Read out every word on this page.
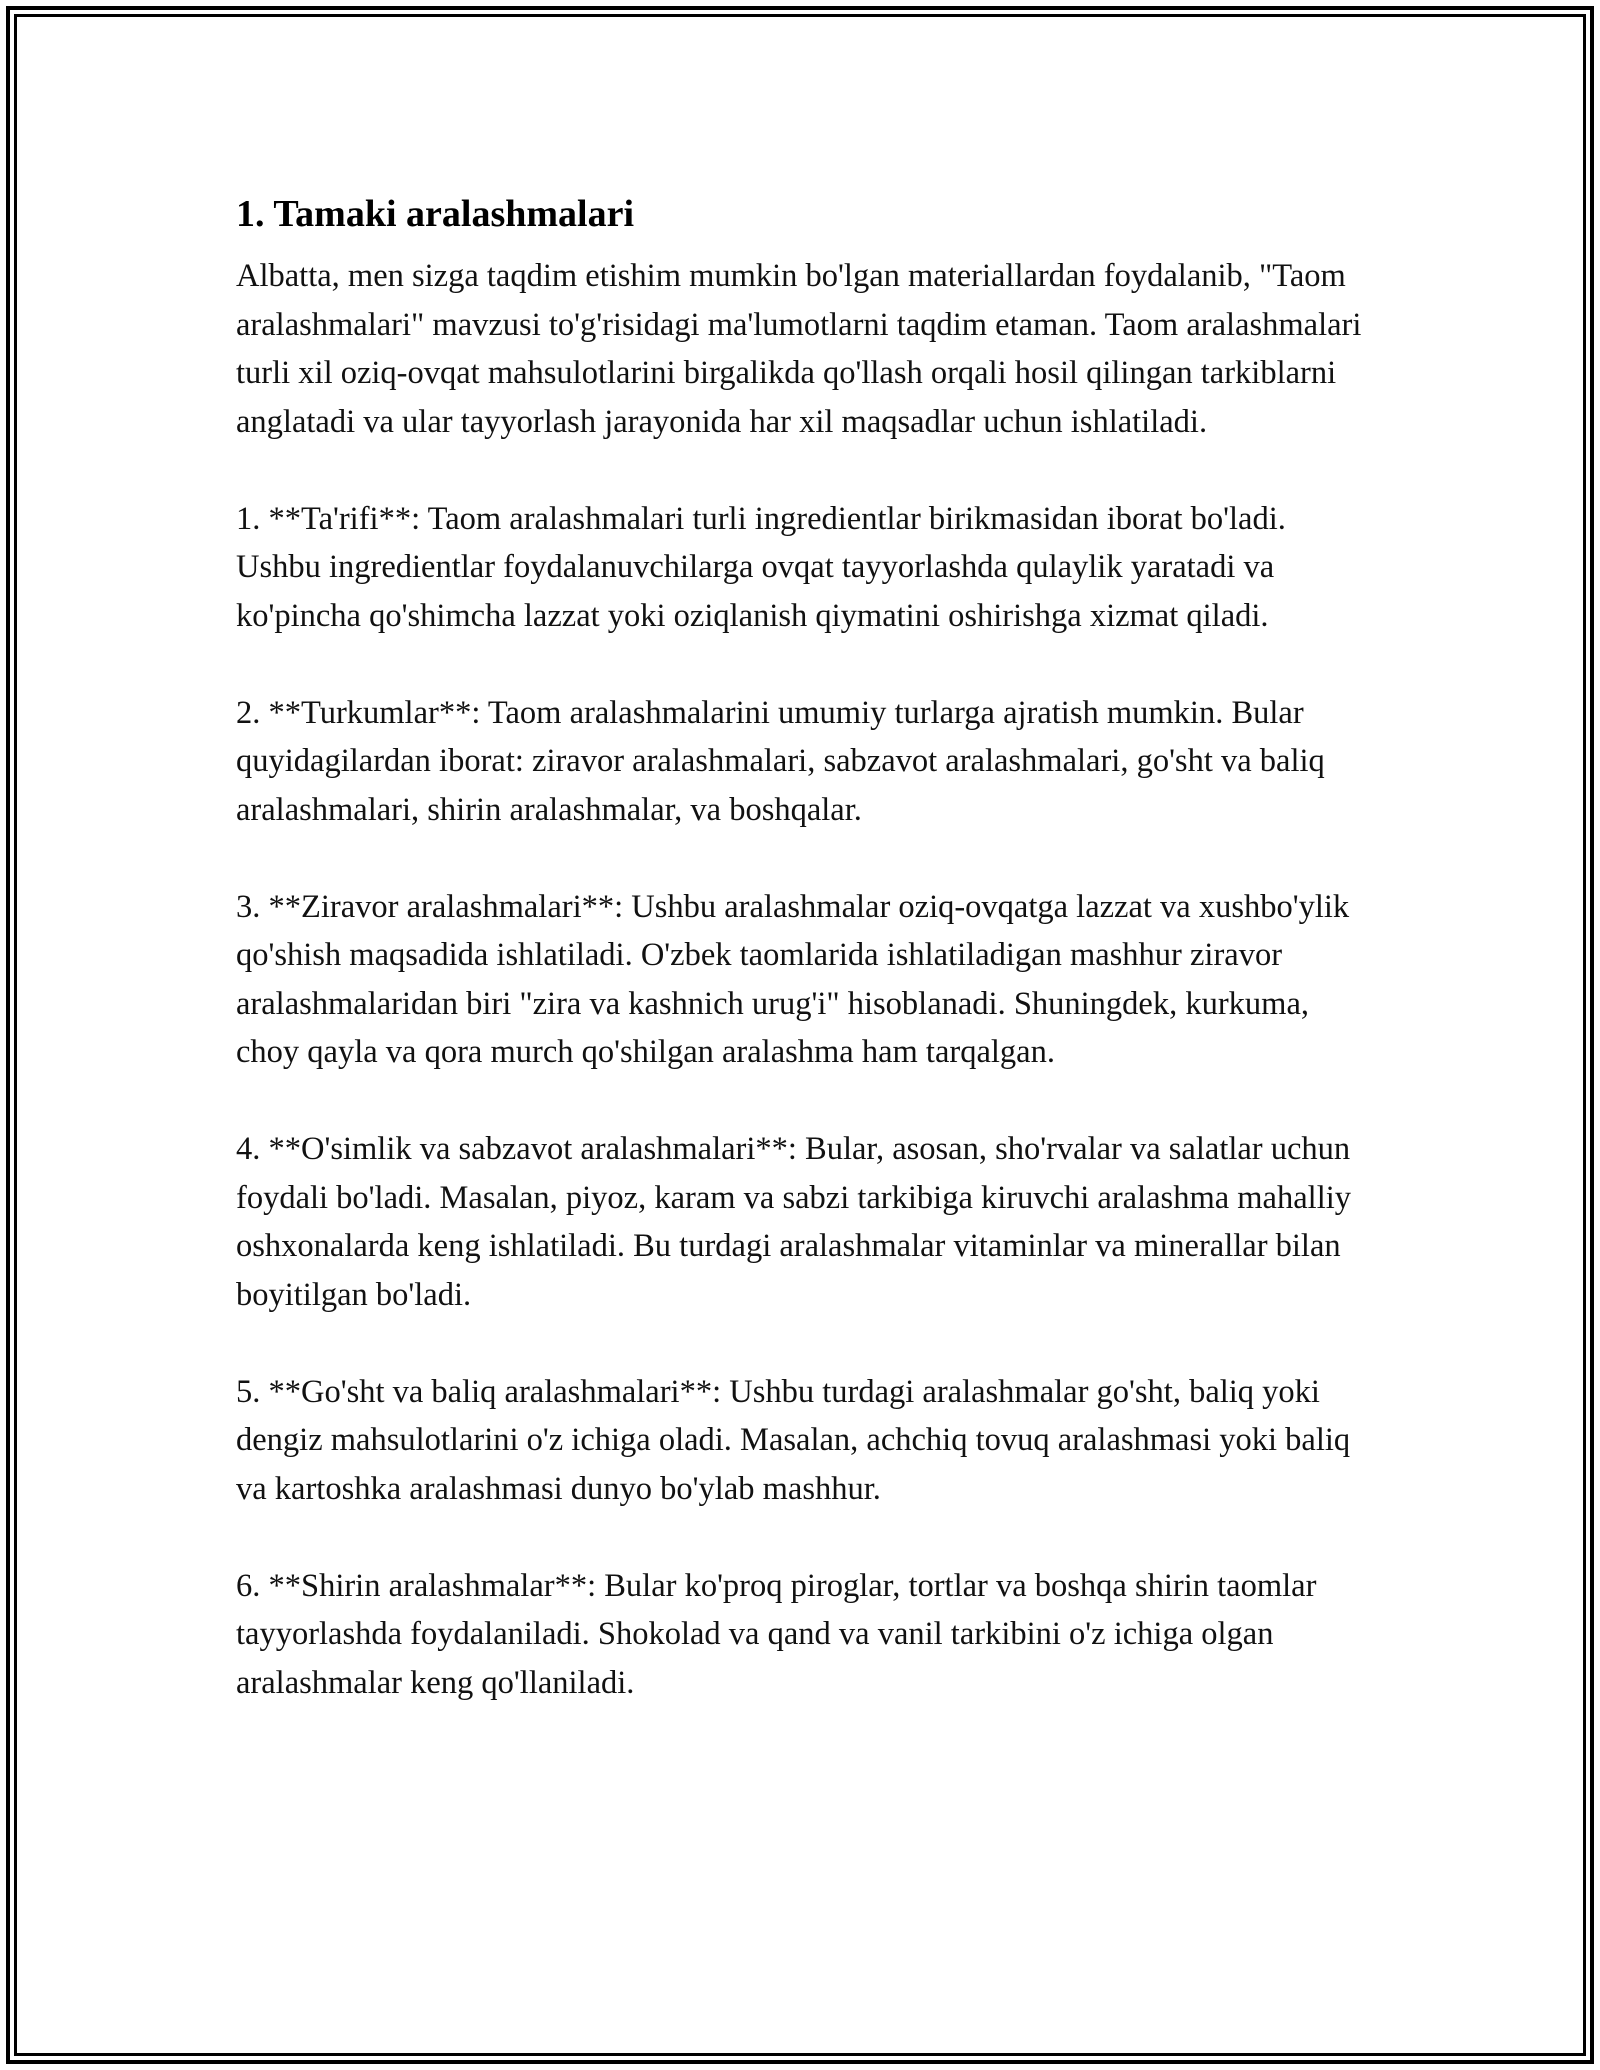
1. Tamaki aralashmalari

Albatta, men sizga taqdim etishim mumkin bo'lgan materiallardan foydalanib, "Taom aralashmalari" mavzusi to'g'risidagi ma'lumotlarni taqdim etaman. Taom aralashmalari turli xil oziq-ovqat mahsulotlarini birgalikda qo'llash orqali hosil qilingan tarkiblarni anglatadi va ular tayyorlash jarayonida har xil maqsadlar uchun ishlatiladi.

1. **Ta'rifi**: Taom aralashmalari turli ingredientlar birikmasidan iborat bo'ladi. Ushbu ingredientlar foydalanuvchilarga ovqat tayyorlashda qulaylik yaratadi va ko'pincha qo'shimcha lazzat yoki oziqlanish qiymatini oshirishga xizmat qiladi.

2. **Turkumlar**: Taom aralashmalarini umumiy turlarga ajratish mumkin. Bular quyidagilardan iborat: ziravor aralashmalari, sabzavot aralashmalari, go'sht va baliq aralashmalari, shirin aralashmalar, va boshqalar.

3. **Ziravor aralashmalari**: Ushbu aralashmalar oziq-ovqatga lazzat va xushbo'ylik qo'shish maqsadida ishlatiladi. O'zbek taomlarida ishlatiladigan mashhur ziravor aralashmalaridan biri "zira va kashnich urug'i" hisoblanadi. Shuningdek, kurkuma, choy qayla va qora murch qo'shilgan aralashma ham tarqalgan.

4. **O'simlik va sabzavot aralashmalari**: Bular, asosan, sho'rvalar va salatlar uchun foydali bo'ladi. Masalan, piyoz, karam va sabzi tarkibiga kiruvchi aralashma mahalliy oshxonalarda keng ishlatiladi. Bu turdagi aralashmalar vitaminlar va minerallar bilan boyitilgan bo'ladi.

5. **Go'sht va baliq aralashmalari**: Ushbu turdagi aralashmalar go'sht, baliq yoki dengiz mahsulotlarini o'z ichiga oladi. Masalan, achchiq tovuq aralashmasi yoki baliq va kartoshka aralashmasi dunyo bo'ylab mashhur.

6. **Shirin aralashmalar**: Bular ko'proq piroglar, tortlar va boshqa shirin taomlar tayyorlashda foydalaniladi. Shokolad va qand va vanil tarkibini o'z ichiga olgan aralashmalar keng qo'llaniladi.
